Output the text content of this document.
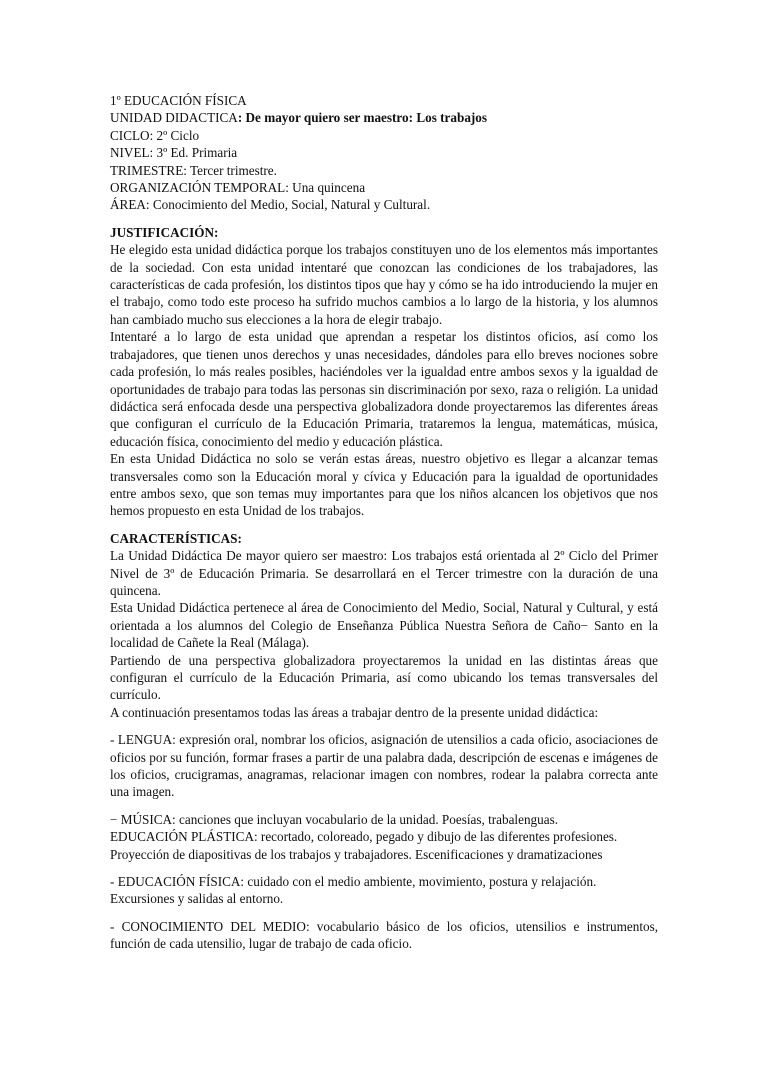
1º EDUCACIÓN FÍSICA
UNIDAD DIDACTICA: De mayor quiero ser maestro: Los trabajos
CICLO: 2º Ciclo
NIVEL: 3º Ed. Primaria
TRIMESTRE: Tercer trimestre.
ORGANIZACIÓN TEMPORAL: Una quincena
ÁREA: Conocimiento del Medio, Social, Natural y Cultural.
JUSTIFICACIÓN:

He elegido esta unidad didáctica porque los trabajos constituyen uno de los elementos más importantes de la sociedad. Con esta unidad intentaré que conozcan las condiciones de los trabajadores, las características de cada profesión, los distintos tipos que hay y cómo se ha ido introduciendo la mujer en el trabajo, como todo este proceso ha sufrido muchos cambios a lo largo de la historia, y los alumnos han cambiado mucho sus elecciones a la hora de elegir trabajo.

Intentaré a lo largo de esta unidad que aprendan a respetar los distintos oficios, así como los trabajadores, que tienen unos derechos y unas necesidades, dándoles para ello breves nociones sobre cada profesión, lo más reales posibles, haciéndoles ver la igualdad entre ambos sexos y la igualdad de oportunidades de trabajo para todas las personas sin discriminación por sexo, raza o religión. La unidad didáctica será enfocada desde una perspectiva globalizadora donde proyectaremos las diferentes áreas que configuran el currículo de la Educación Primaria, trataremos la lengua, matemáticas, música, educación física, conocimiento del medio y educación plástica.

En esta Unidad Didáctica no solo se verán estas áreas, nuestro objetivo es llegar a alcanzar temas transversales como son la Educación moral y cívica y Educación para la igualdad de oportunidades entre ambos sexo, que son temas muy importantes para que los niños alcancen los objetivos que nos hemos propuesto en esta Unidad de los trabajos.

CARACTERÍSTICAS:

La Unidad Didáctica De mayor quiero ser maestro: Los trabajos está orientada al 2º Ciclo del Primer Nivel de 3º de Educación Primaria. Se desarrollará en el Tercer trimestre con la duración de una quincena.

Esta Unidad Didáctica pertenece al área de Conocimiento del Medio, Social, Natural y Cultural, y está orientada a los alumnos del Colegio de Enseñanza Pública Nuestra Señora de Caño− Santo en la localidad de Cañete la Real (Málaga).

Partiendo de una perspectiva globalizadora proyectaremos la unidad en las distintas áreas que configuran el currículo de la Educación Primaria, así como ubicando los temas transversales del currículo.

A continuación presentamos todas las áreas a trabajar dentro de la presente unidad didáctica:

- LENGUA: expresión oral, nombrar los oficios, asignación de utensilios a cada oficio, asociaciones de oficios por su función, formar frases a partir de una palabra dada, descripción de escenas e imágenes de los oficios, crucigramas, anagramas, relacionar imagen con nombres, rodear la palabra correcta ante una imagen.

− MÚSICA: canciones que incluyan vocabulario de la unidad. Poesías, trabalenguas.
EDUCACIÓN PLÁSTICA: recortado, coloreado, pegado y dibujo de las diferentes profesiones.
Proyección de diapositivas de los trabajos y trabajadores. Escenificaciones y dramatizaciones
- EDUCACIÓN FÍSICA: cuidado con el medio ambiente, movimiento, postura y relajación.
Excursiones y salidas al entorno.

- CONOCIMIENTO DEL MEDIO: vocabulario básico de los oficios, utensilios e instrumentos, función de cada utensilio, lugar de trabajo de cada oficio.
